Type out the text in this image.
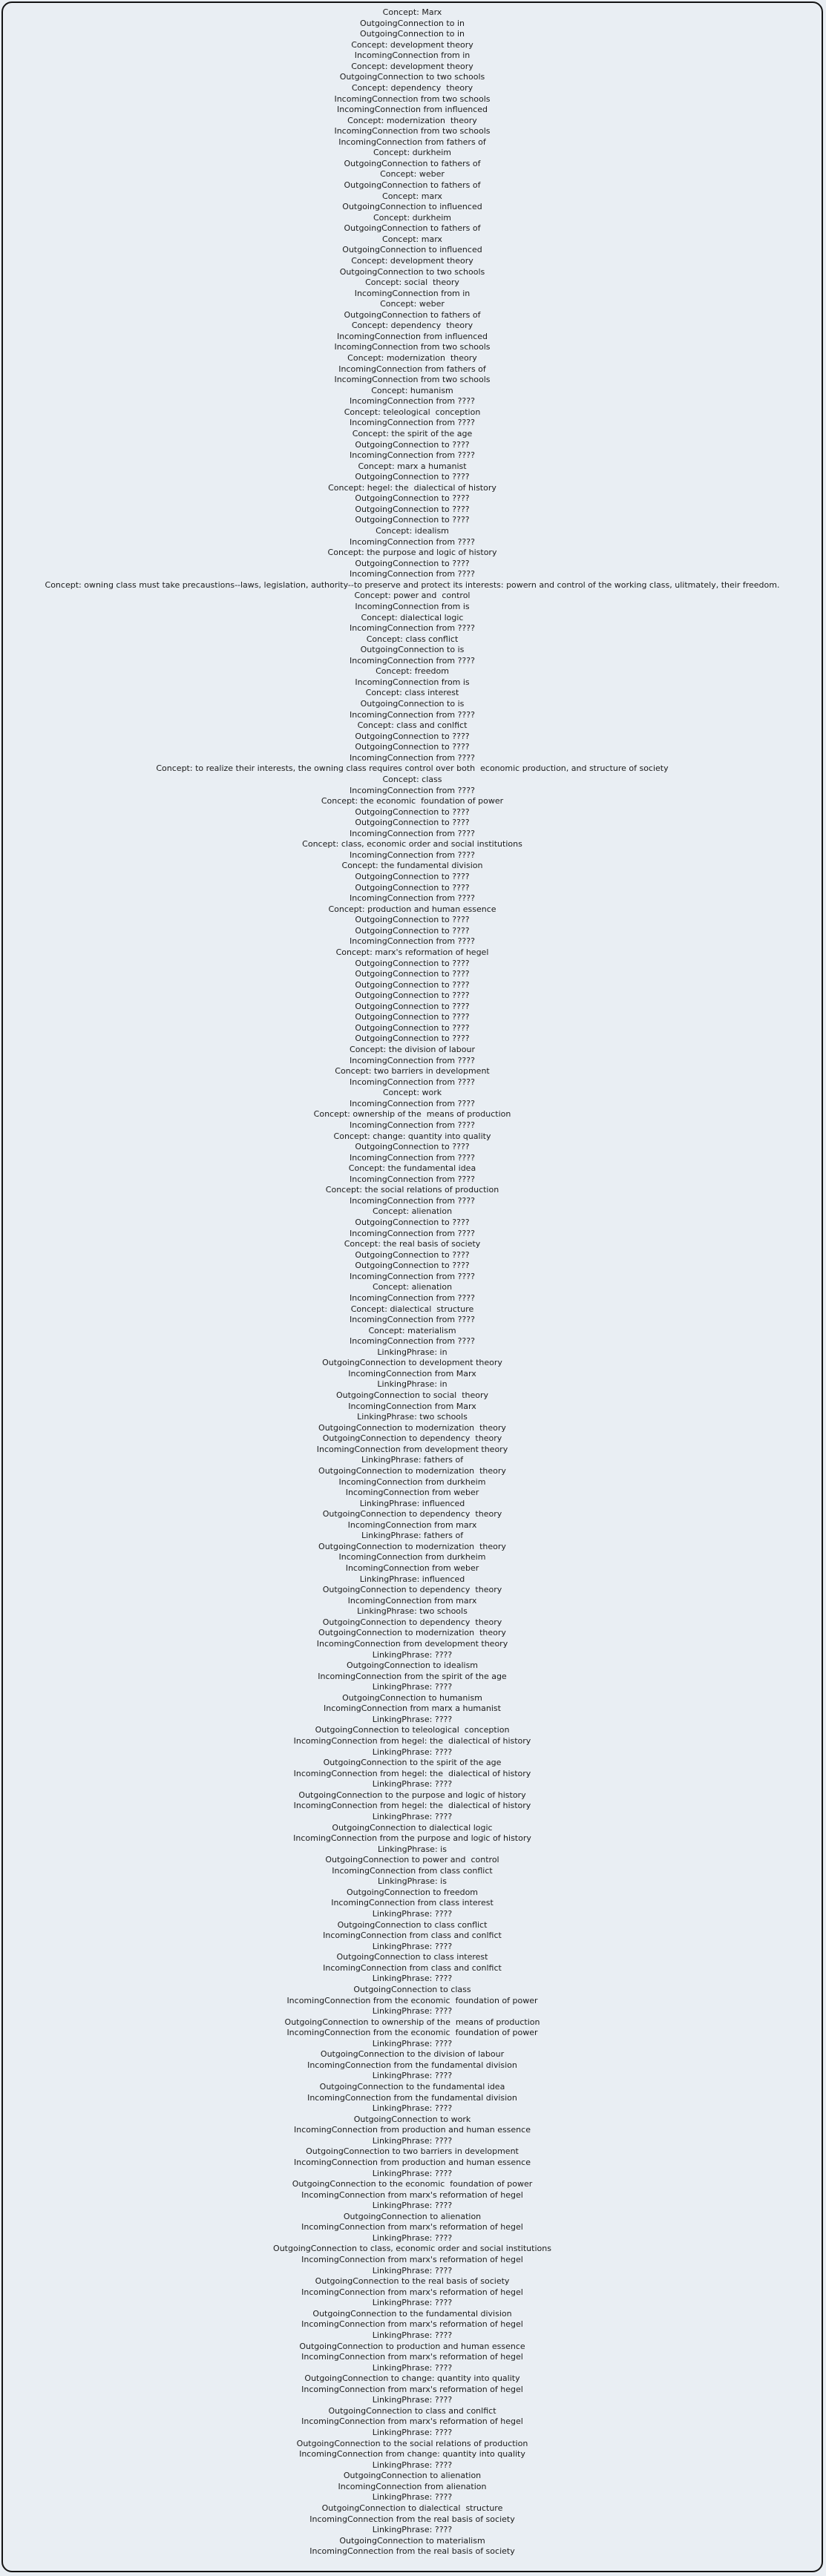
Concept: Marx
OutgoingConnection to in
OutgoingConnection to in
Concept: development theory
IncomingConnection from in
Concept: development theory
OutgoingConnection to two schools
Concept: dependency  theory
IncomingConnection from two schools
IncomingConnection from influenced
Concept: modernization  theory
IncomingConnection from two schools
IncomingConnection from fathers of
Concept: durkheim
OutgoingConnection to fathers of
Concept: weber
OutgoingConnection to fathers of
Concept: marx
OutgoingConnection to influenced
Concept: durkheim
OutgoingConnection to fathers of
Concept: marx
OutgoingConnection to influenced
Concept: development theory
OutgoingConnection to two schools
Concept: social  theory
IncomingConnection from in
Concept: weber
OutgoingConnection to fathers of
Concept: dependency  theory
IncomingConnection from influenced
IncomingConnection from two schools
Concept: modernization  theory
IncomingConnection from fathers of
IncomingConnection from two schools
Concept: humanism
IncomingConnection from ????
Concept: teleological  conception
IncomingConnection from ????
Concept: the spirit of the age
OutgoingConnection to ????
IncomingConnection from ????
Concept: marx a humanist
OutgoingConnection to ????
Concept: hegel: the  dialectical of history
OutgoingConnection to ????
OutgoingConnection to ????
OutgoingConnection to ????
Concept: idealism
IncomingConnection from ????
Concept: the purpose and logic of history
OutgoingConnection to ????
IncomingConnection from ????
Concept: owning class must take precaustions--laws, legislation, authority--to preserve and protect its interests: powern and control of the working class, ulitmately, their freedom.
Concept: power and  control
IncomingConnection from is
Concept: dialectical logic
IncomingConnection from ????
Concept: class conflict
OutgoingConnection to is
IncomingConnection from ????
Concept: freedom
IncomingConnection from is
Concept: class interest
OutgoingConnection to is
IncomingConnection from ????
Concept: class and conlfict
OutgoingConnection to ????
OutgoingConnection to ????
IncomingConnection from ????
Concept: to realize their interests, the owning class requires control over both  economic production, and structure of society
Concept: class
IncomingConnection from ????
Concept: the economic  foundation of power
OutgoingConnection to ????
OutgoingConnection to ????
IncomingConnection from ????
Concept: class, economic order and social institutions
IncomingConnection from ????
Concept: the fundamental division
OutgoingConnection to ????
OutgoingConnection to ????
IncomingConnection from ????
Concept: production and human essence
OutgoingConnection to ????
OutgoingConnection to ????
IncomingConnection from ????
Concept: marx's reformation of hegel
OutgoingConnection to ????
OutgoingConnection to ????
OutgoingConnection to ????
OutgoingConnection to ????
OutgoingConnection to ????
OutgoingConnection to ????
OutgoingConnection to ????
OutgoingConnection to ????
Concept: the division of labour
IncomingConnection from ????
Concept: two barriers in development
IncomingConnection from ????
Concept: work
IncomingConnection from ????
Concept: ownership of the  means of production
IncomingConnection from ????
Concept: change: quantity into quality
OutgoingConnection to ????
IncomingConnection from ????
Concept: the fundamental idea
IncomingConnection from ????
Concept: the social relations of production
IncomingConnection from ????
Concept: alienation
OutgoingConnection to ????
IncomingConnection from ????
Concept: the real basis of society
OutgoingConnection to ????
OutgoingConnection to ????
IncomingConnection from ????
Concept: alienation
IncomingConnection from ????
Concept: dialectical  structure
IncomingConnection from ????
Concept: materialism
IncomingConnection from ????
LinkingPhrase: in
OutgoingConnection to development theory
IncomingConnection from Marx
LinkingPhrase: in
OutgoingConnection to social  theory
IncomingConnection from Marx
LinkingPhrase: two schools
OutgoingConnection to modernization  theory
OutgoingConnection to dependency  theory
IncomingConnection from development theory
LinkingPhrase: fathers of
OutgoingConnection to modernization  theory
IncomingConnection from durkheim
IncomingConnection from weber
LinkingPhrase: influenced
OutgoingConnection to dependency  theory
IncomingConnection from marx
LinkingPhrase: fathers of
OutgoingConnection to modernization  theory
IncomingConnection from durkheim
IncomingConnection from weber
LinkingPhrase: influenced
OutgoingConnection to dependency  theory
IncomingConnection from marx
LinkingPhrase: two schools
OutgoingConnection to dependency  theory
OutgoingConnection to modernization  theory
IncomingConnection from development theory
LinkingPhrase: ????
OutgoingConnection to idealism
IncomingConnection from the spirit of the age
LinkingPhrase: ????
OutgoingConnection to humanism
IncomingConnection from marx a humanist
LinkingPhrase: ????
OutgoingConnection to teleological  conception
IncomingConnection from hegel: the  dialectical of history
LinkingPhrase: ????
OutgoingConnection to the spirit of the age
IncomingConnection from hegel: the  dialectical of history
LinkingPhrase: ????
OutgoingConnection to the purpose and logic of history
IncomingConnection from hegel: the  dialectical of history
LinkingPhrase: ????
OutgoingConnection to dialectical logic
IncomingConnection from the purpose and logic of history
LinkingPhrase: is
OutgoingConnection to power and  control
IncomingConnection from class conflict
LinkingPhrase: is
OutgoingConnection to freedom
IncomingConnection from class interest
LinkingPhrase: ????
OutgoingConnection to class conflict
IncomingConnection from class and conlfict
LinkingPhrase: ????
OutgoingConnection to class interest
IncomingConnection from class and conlfict
LinkingPhrase: ????
OutgoingConnection to class
IncomingConnection from the economic  foundation of power
LinkingPhrase: ????
OutgoingConnection to ownership of the  means of production
IncomingConnection from the economic  foundation of power
LinkingPhrase: ????
OutgoingConnection to the division of labour
IncomingConnection from the fundamental division
LinkingPhrase: ????
OutgoingConnection to the fundamental idea
IncomingConnection from the fundamental division
LinkingPhrase: ????
OutgoingConnection to work
IncomingConnection from production and human essence
LinkingPhrase: ????
OutgoingConnection to two barriers in development
IncomingConnection from production and human essence
LinkingPhrase: ????
OutgoingConnection to the economic  foundation of power
IncomingConnection from marx's reformation of hegel
LinkingPhrase: ????
OutgoingConnection to alienation
IncomingConnection from marx's reformation of hegel
LinkingPhrase: ????
OutgoingConnection to class, economic order and social institutions
IncomingConnection from marx's reformation of hegel
LinkingPhrase: ????
OutgoingConnection to the real basis of society
IncomingConnection from marx's reformation of hegel
LinkingPhrase: ????
OutgoingConnection to the fundamental division
IncomingConnection from marx's reformation of hegel
LinkingPhrase: ????
OutgoingConnection to production and human essence
IncomingConnection from marx's reformation of hegel
LinkingPhrase: ????
OutgoingConnection to change: quantity into quality
IncomingConnection from marx's reformation of hegel
LinkingPhrase: ????
OutgoingConnection to class and conlfict
IncomingConnection from marx's reformation of hegel
LinkingPhrase: ????
OutgoingConnection to the social relations of production
IncomingConnection from change: quantity into quality
LinkingPhrase: ????
OutgoingConnection to alienation
IncomingConnection from alienation
LinkingPhrase: ????
OutgoingConnection to dialectical  structure
IncomingConnection from the real basis of society
LinkingPhrase: ????
OutgoingConnection to materialism
IncomingConnection from the real basis of society
